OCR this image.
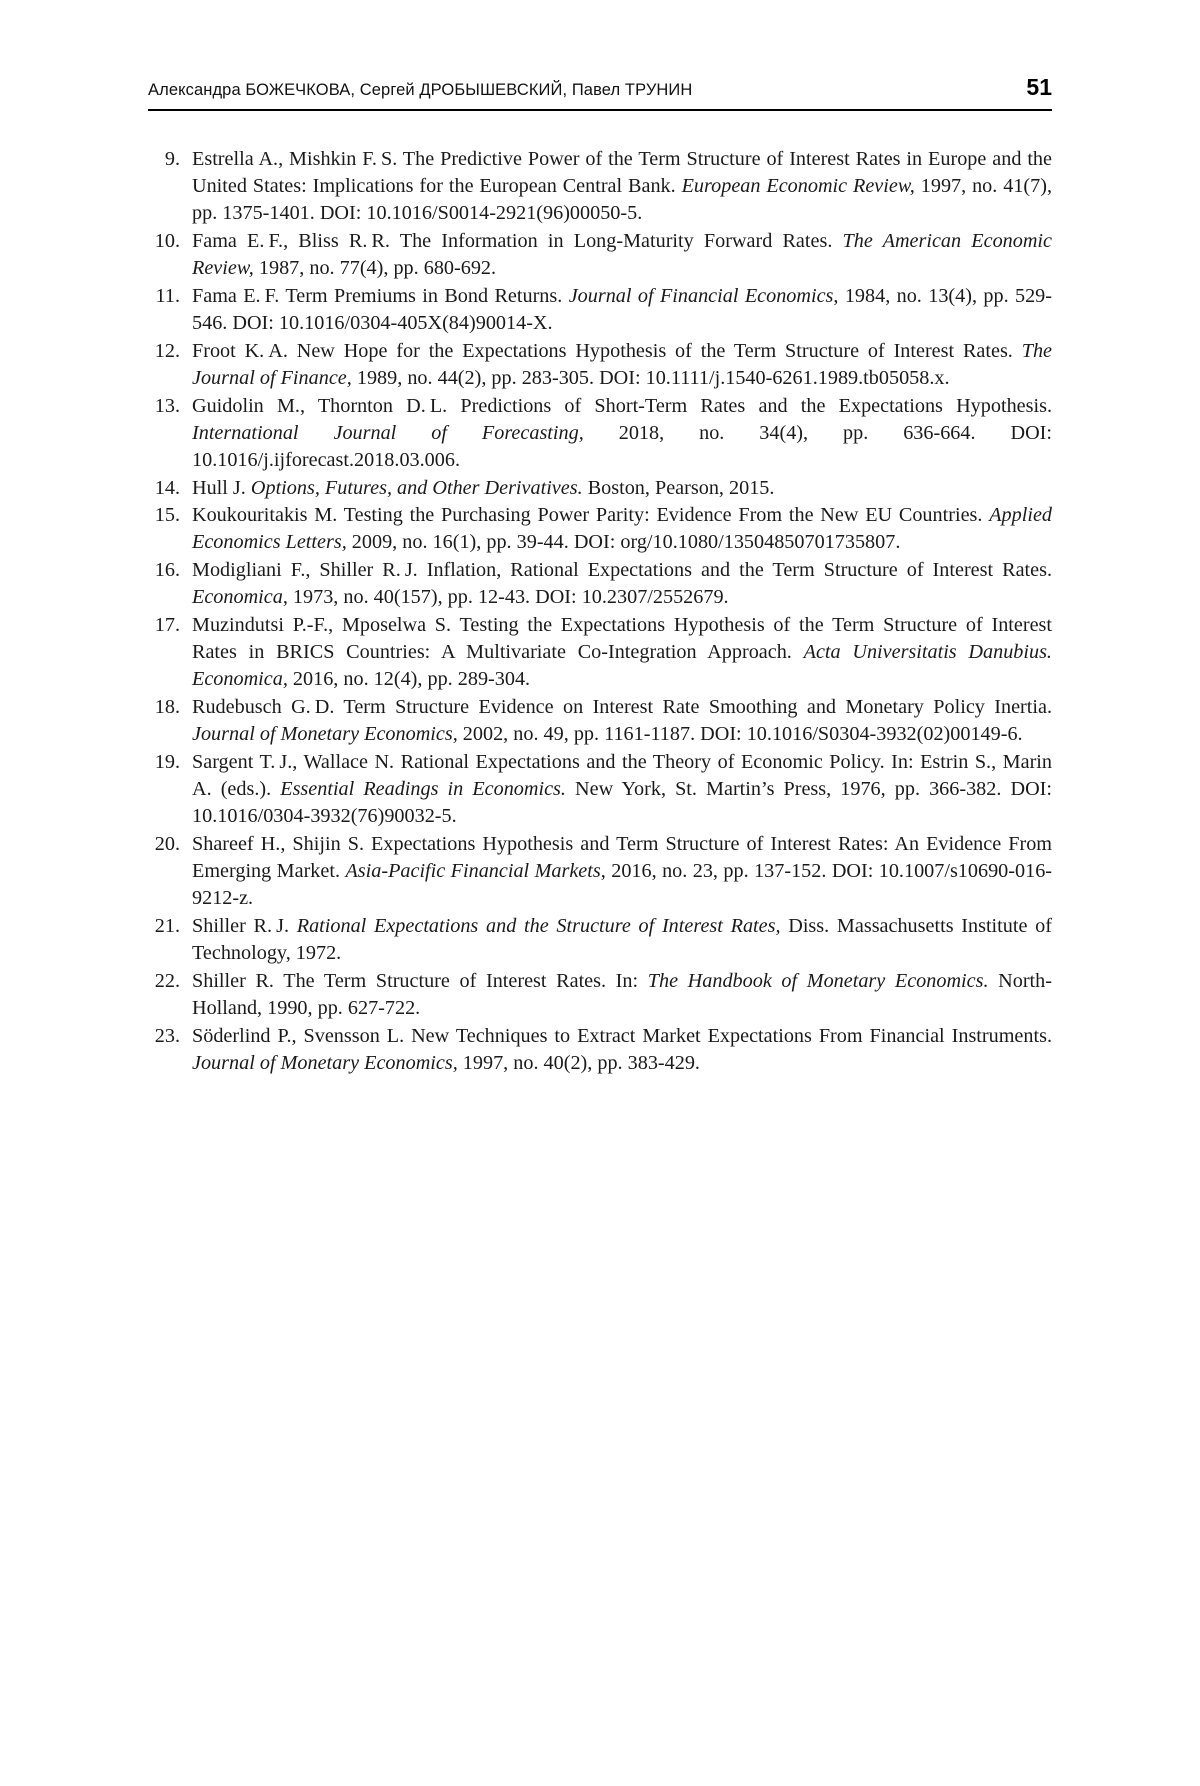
Александра БОЖЕЧКОВА, Сергей ДРОБЫШЕВСКИЙ, Павел ТРУНИН	51
9. Estrella A., Mishkin F. S. The Predictive Power of the Term Structure of Interest Rates in Europe and the United States: Implications for the European Central Bank. European Economic Review, 1997, no. 41(7), pp. 1375-1401. DOI: 10.1016/S0014-2921(96)00050-5.
10. Fama E. F., Bliss R. R. The Information in Long-Maturity Forward Rates. The American Economic Review, 1987, no. 77(4), pp. 680-692.
11. Fama E. F. Term Premiums in Bond Returns. Journal of Financial Economics, 1984, no. 13(4), pp. 529-546. DOI: 10.1016/0304-405X(84)90014-X.
12. Froot K. A. New Hope for the Expectations Hypothesis of the Term Structure of Interest Rates. The Journal of Finance, 1989, no. 44(2), pp. 283-305. DOI: 10.1111/j.1540-6261.1989.tb05058.x.
13. Guidolin M., Thornton D. L. Predictions of Short-Term Rates and the Expectations Hypothesis. International Journal of Forecasting, 2018, no. 34(4), pp. 636-664. DOI: 10.1016/j.ijforecast.2018.03.006.
14. Hull J. Options, Futures, and Other Derivatives. Boston, Pearson, 2015.
15. Koukouritakis M. Testing the Purchasing Power Parity: Evidence From the New EU Countries. Applied Economics Letters, 2009, no. 16(1), pp. 39-44. DOI: org/10.1080/13504850701735807.
16. Modigliani F., Shiller R. J. Inflation, Rational Expectations and the Term Structure of Interest Rates. Economica, 1973, no. 40(157), pp. 12-43. DOI: 10.2307/2552679.
17. Muzindutsi P.-F., Mposelwa S. Testing the Expectations Hypothesis of the Term Structure of Interest Rates in BRICS Countries: A Multivariate Co-Integration Approach. Acta Universitatis Danubius. Economica, 2016, no. 12(4), pp. 289-304.
18. Rudebusch G. D. Term Structure Evidence on Interest Rate Smoothing and Monetary Policy Inertia. Journal of Monetary Economics, 2002, no. 49, pp. 1161-1187. DOI: 10.1016/S0304-3932(02)00149-6.
19. Sargent T. J., Wallace N. Rational Expectations and the Theory of Economic Policy. In: Estrin S., Marin A. (eds.). Essential Readings in Economics. New York, St. Martin’s Press, 1976, pp. 366-382. DOI: 10.1016/0304-3932(76)90032-5.
20. Shareef H., Shijin S. Expectations Hypothesis and Term Structure of Interest Rates: An Evidence From Emerging Market. Asia-Pacific Financial Markets, 2016, no. 23, pp. 137-152. DOI: 10.1007/s10690-016-9212-z.
21. Shiller R. J. Rational Expectations and the Structure of Interest Rates, Diss. Massachusetts Institute of Technology, 1972.
22. Shiller R. The Term Structure of Interest Rates. In: The Handbook of Monetary Economics. North-Holland, 1990, pp. 627-722.
23. Söderlind P., Svensson L. New Techniques to Extract Market Expectations From Financial Instruments. Journal of Monetary Economics, 1997, no. 40(2), pp. 383-429.
